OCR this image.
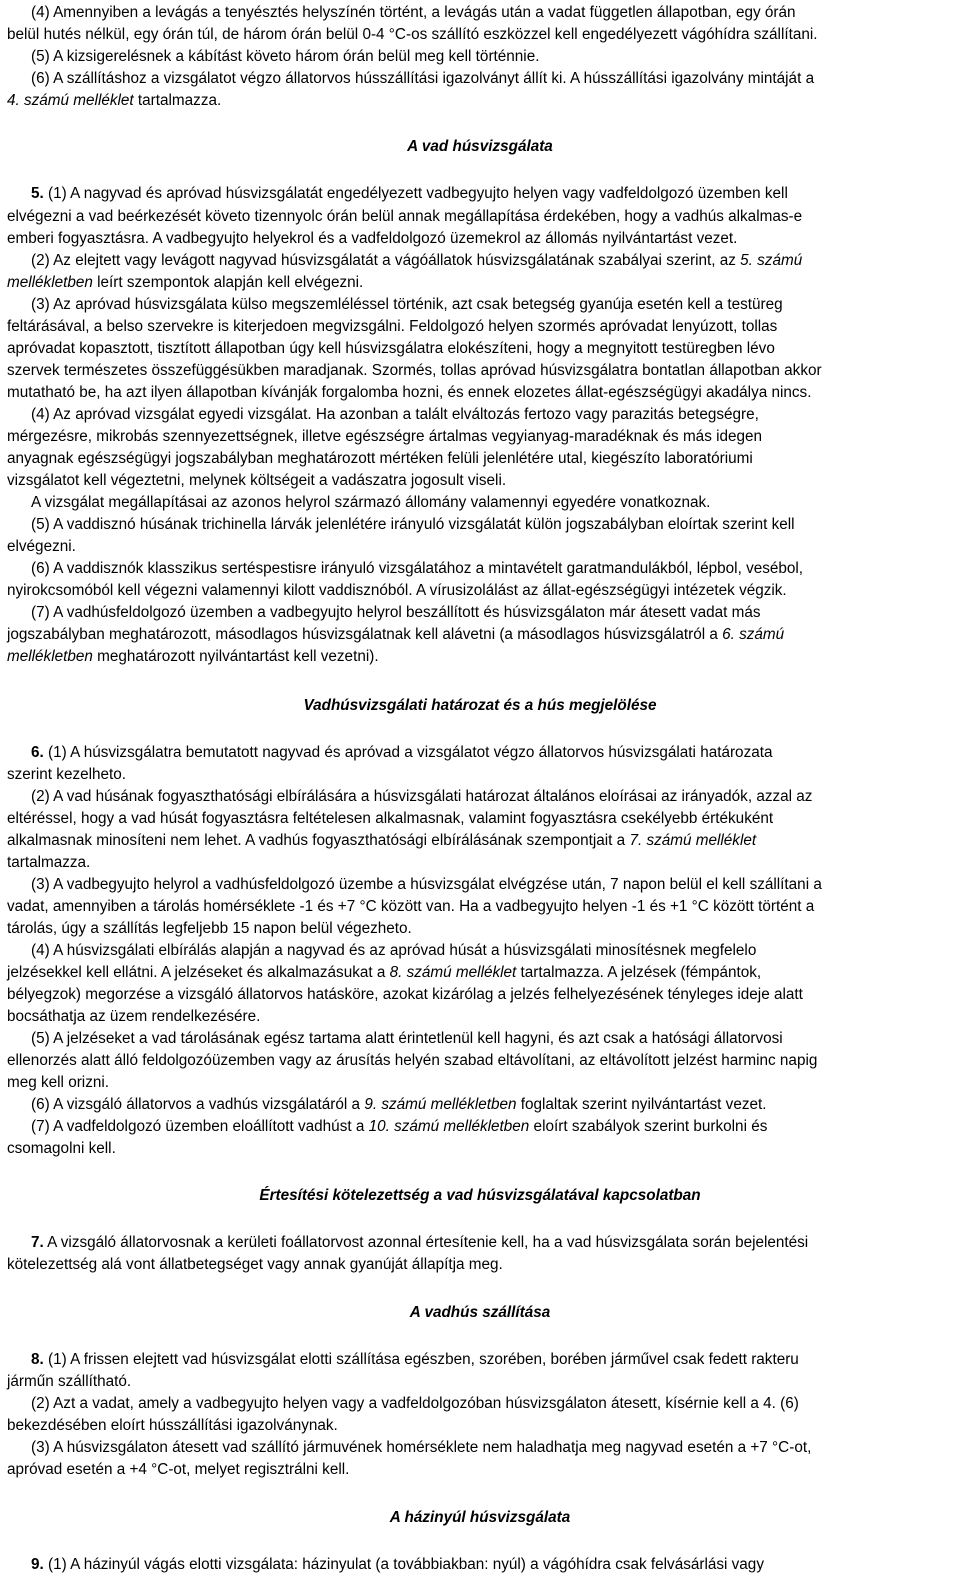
(4) Amennyiben a levágás a tenyésztés helyszínén történt, a levágás után a vadat független állapotban, egy órán

belül hutés nélkül, egy órán túl, de három órán belül 0-4 °C-os szállító eszközzel kell engedélyezett vágóhídra szállítani.

(5) A kizsigerelésnek a kábítást követo három órán belül meg kell történnie.

(6) A szállításhoz a vizsgálatot végzo állatorvos hússzállítási igazolványt állít ki. A hússzállítási igazolvány mintáját a

4. számú melléklet tartalmazza.

A vad húsvizsgálata

5. (1) A nagyvad és apróvad húsvizsgálatát engedélyezett vadbegyujto helyen vagy vadfeldolgozó üzemben kell

elvégezni a vad beérkezését követo tizennyolc órán belül annak megállapítása érdekében, hogy a vadhús alkalmas-e

emberi fogyasztásra. A vadbegyujto helyekrol és a vadfeldolgozó üzemekrol az állomás nyilvántartást vezet.

(2) Az elejtett vagy levágott nagyvad húsvizsgálatát a vágóállatok húsvizsgálatának szabályai szerint, az 5. számú

mellékletben leírt szempontok alapján kell elvégezni.

(3) Az apróvad húsvizsgálata külso megszemléléssel történik, azt csak betegség gyanúja esetén kell a testüreg

feltárásával, a belso szervekre is kiterjedoen megvizsgálni. Feldolgozó helyen szormés apróvadat lenyúzott, tollas

apróvadat kopasztott, tisztított állapotban úgy kell húsvizsgálatra elokészíteni, hogy a megnyitott testüregben lévo

szervek természetes összefüggésükben maradjanak. Szormés, tollas apróvad húsvizsgálatra bontatlan állapotban akkor

mutatható be, ha azt ilyen állapotban kívánják forgalomba hozni, és ennek elozetes állat-egészségügyi akadálya nincs.

(4) Az apróvad vizsgálat egyedi vizsgálat. Ha azonban a talált elváltozás fertozo vagy parazitás betegségre,

mérgezésre, mikrobás szennyezettségnek, illetve egészségre ártalmas vegyianyag-maradéknak és más idegen

anyagnak egészségügyi jogszabályban meghatározott mértéken felüli jelenlétére utal, kiegészíto laboratóriumi

vizsgálatot kell végeztetni, melynek költségeit a vadászatra jogosult viseli.

A vizsgálat megállapításai az azonos helyrol származó állomány valamennyi egyedére vonatkoznak.

(5) A vaddisznó húsának trichinella lárvák jelenlétére irányuló vizsgálatát külön jogszabályban eloírtak szerint kell

elvégezni.

(6) A vaddisznók klasszikus sertéspestisre irányuló vizsgálatához a mintavételt garatmandulákból, lépbol, vesébol,

nyirokcsomóból kell végezni valamennyi kilott vaddisznóból. A vírusizolálást az állat-egészségügyi intézetek végzik.

(7) A vadhúsfeldolgozó üzemben a vadbegyujto helyrol beszállított és húsvizsgálaton már átesett vadat más

jogszabályban meghatározott, másodlagos húsvizsgálatnak kell alávetni (a másodlagos húsvizsgálatról a 6. számú

mellékletben meghatározott nyilvántartást kell vezetni).

Vadhúsvizsgálati határozat és a hús megjelölése

6. (1) A húsvizsgálatra bemutatott nagyvad és apróvad a vizsgálatot végzo állatorvos húsvizsgálati határozata

szerint kezelheto.

(2) A vad húsának fogyaszthatósági elbírálására a húsvizsgálati határozat általános eloírásai az irányadók, azzal az

eltéréssel, hogy a vad húsát fogyasztásra feltételesen alkalmasnak, valamint fogyasztásra csekélyebb értékuként

alkalmasnak minosíteni nem lehet. A vadhús fogyaszthatósági elbírálásának szempontjait a 7. számú melléklet

tartalmazza.

(3) A vadbegyujto helyrol a vadhúsfeldolgozó üzembe a húsvizsgálat elvégzése után, 7 napon belül el kell szállítani a

vadat, amennyiben a tárolás homérséklete -1 és +7 °C között van. Ha a vadbegyujto helyen -1 és +1 °C között történt a

tárolás, úgy a szállítás legfeljebb 15 napon belül végezheto.

(4) A húsvizsgálati elbírálás alapján a nagyvad és az apróvad húsát a húsvizsgálati minosítésnek megfelelo

jelzésekkel kell ellátni. A jelzéseket és alkalmazásukat a 8. számú melléklet tartalmazza. A jelzések (fémpántok,

bélyegzok) megorzése a vizsgáló állatorvos hatásköre, azokat kizárólag a jelzés felhelyezésének tényleges ideje alatt

bocsáthatja az üzem rendelkezésére.

(5) A jelzéseket a vad tárolásának egész tartama alatt érintetlenül kell hagyni, és azt csak a hatósági állatorvosi

ellenorzés alatt álló feldolgozóüzemben vagy az árusítás helyén szabad eltávolítani, az eltávolított jelzést harminc napig

meg kell orizni.

(6) A vizsgáló állatorvos a vadhús vizsgálatáról a 9. számú mellékletben foglaltak szerint nyilvántartást vezet.

(7) A vadfeldolgozó üzemben eloállított vadhúst a 10. számú mellékletben eloírt szabályok szerint burkolni és

csomagolni kell.

Értesítési kötelezettség a vad húsvizsgálatával kapcsolatban

7. A vizsgáló állatorvosnak a kerületi foállatorvost azonnal értesítenie kell, ha a vad húsvizsgálata során bejelentési

kötelezettség alá vont állatbetegséget vagy annak gyanúját állapítja meg.

A vadhús szállítása

8. (1) A frissen elejtett vad húsvizsgálat elotti szállítása egészben, szorében, borében járművel csak fedett rakteru

járműn szállítható.

(2) Azt a vadat, amely a vadbegyujto helyen vagy a vadfeldolgozóban húsvizsgálaton átesett, kísérnie kell a 4. (6)

bekezdésében eloírt hússzállítási igazolványnak.

(3) A húsvizsgálaton átesett vad szállító jármuvének homérséklete nem haladhatja meg nagyvad esetén a +7 °C-ot,

apróvad esetén a +4 °C-ot, melyet regisztrálni kell.

A házinyúl húsvizsgálata

9. (1) A házinyúl vágás elotti vizsgálata: házinyulat (a továbbiakban: nyúl) a vágóhídra csak felvásárlási vagy
